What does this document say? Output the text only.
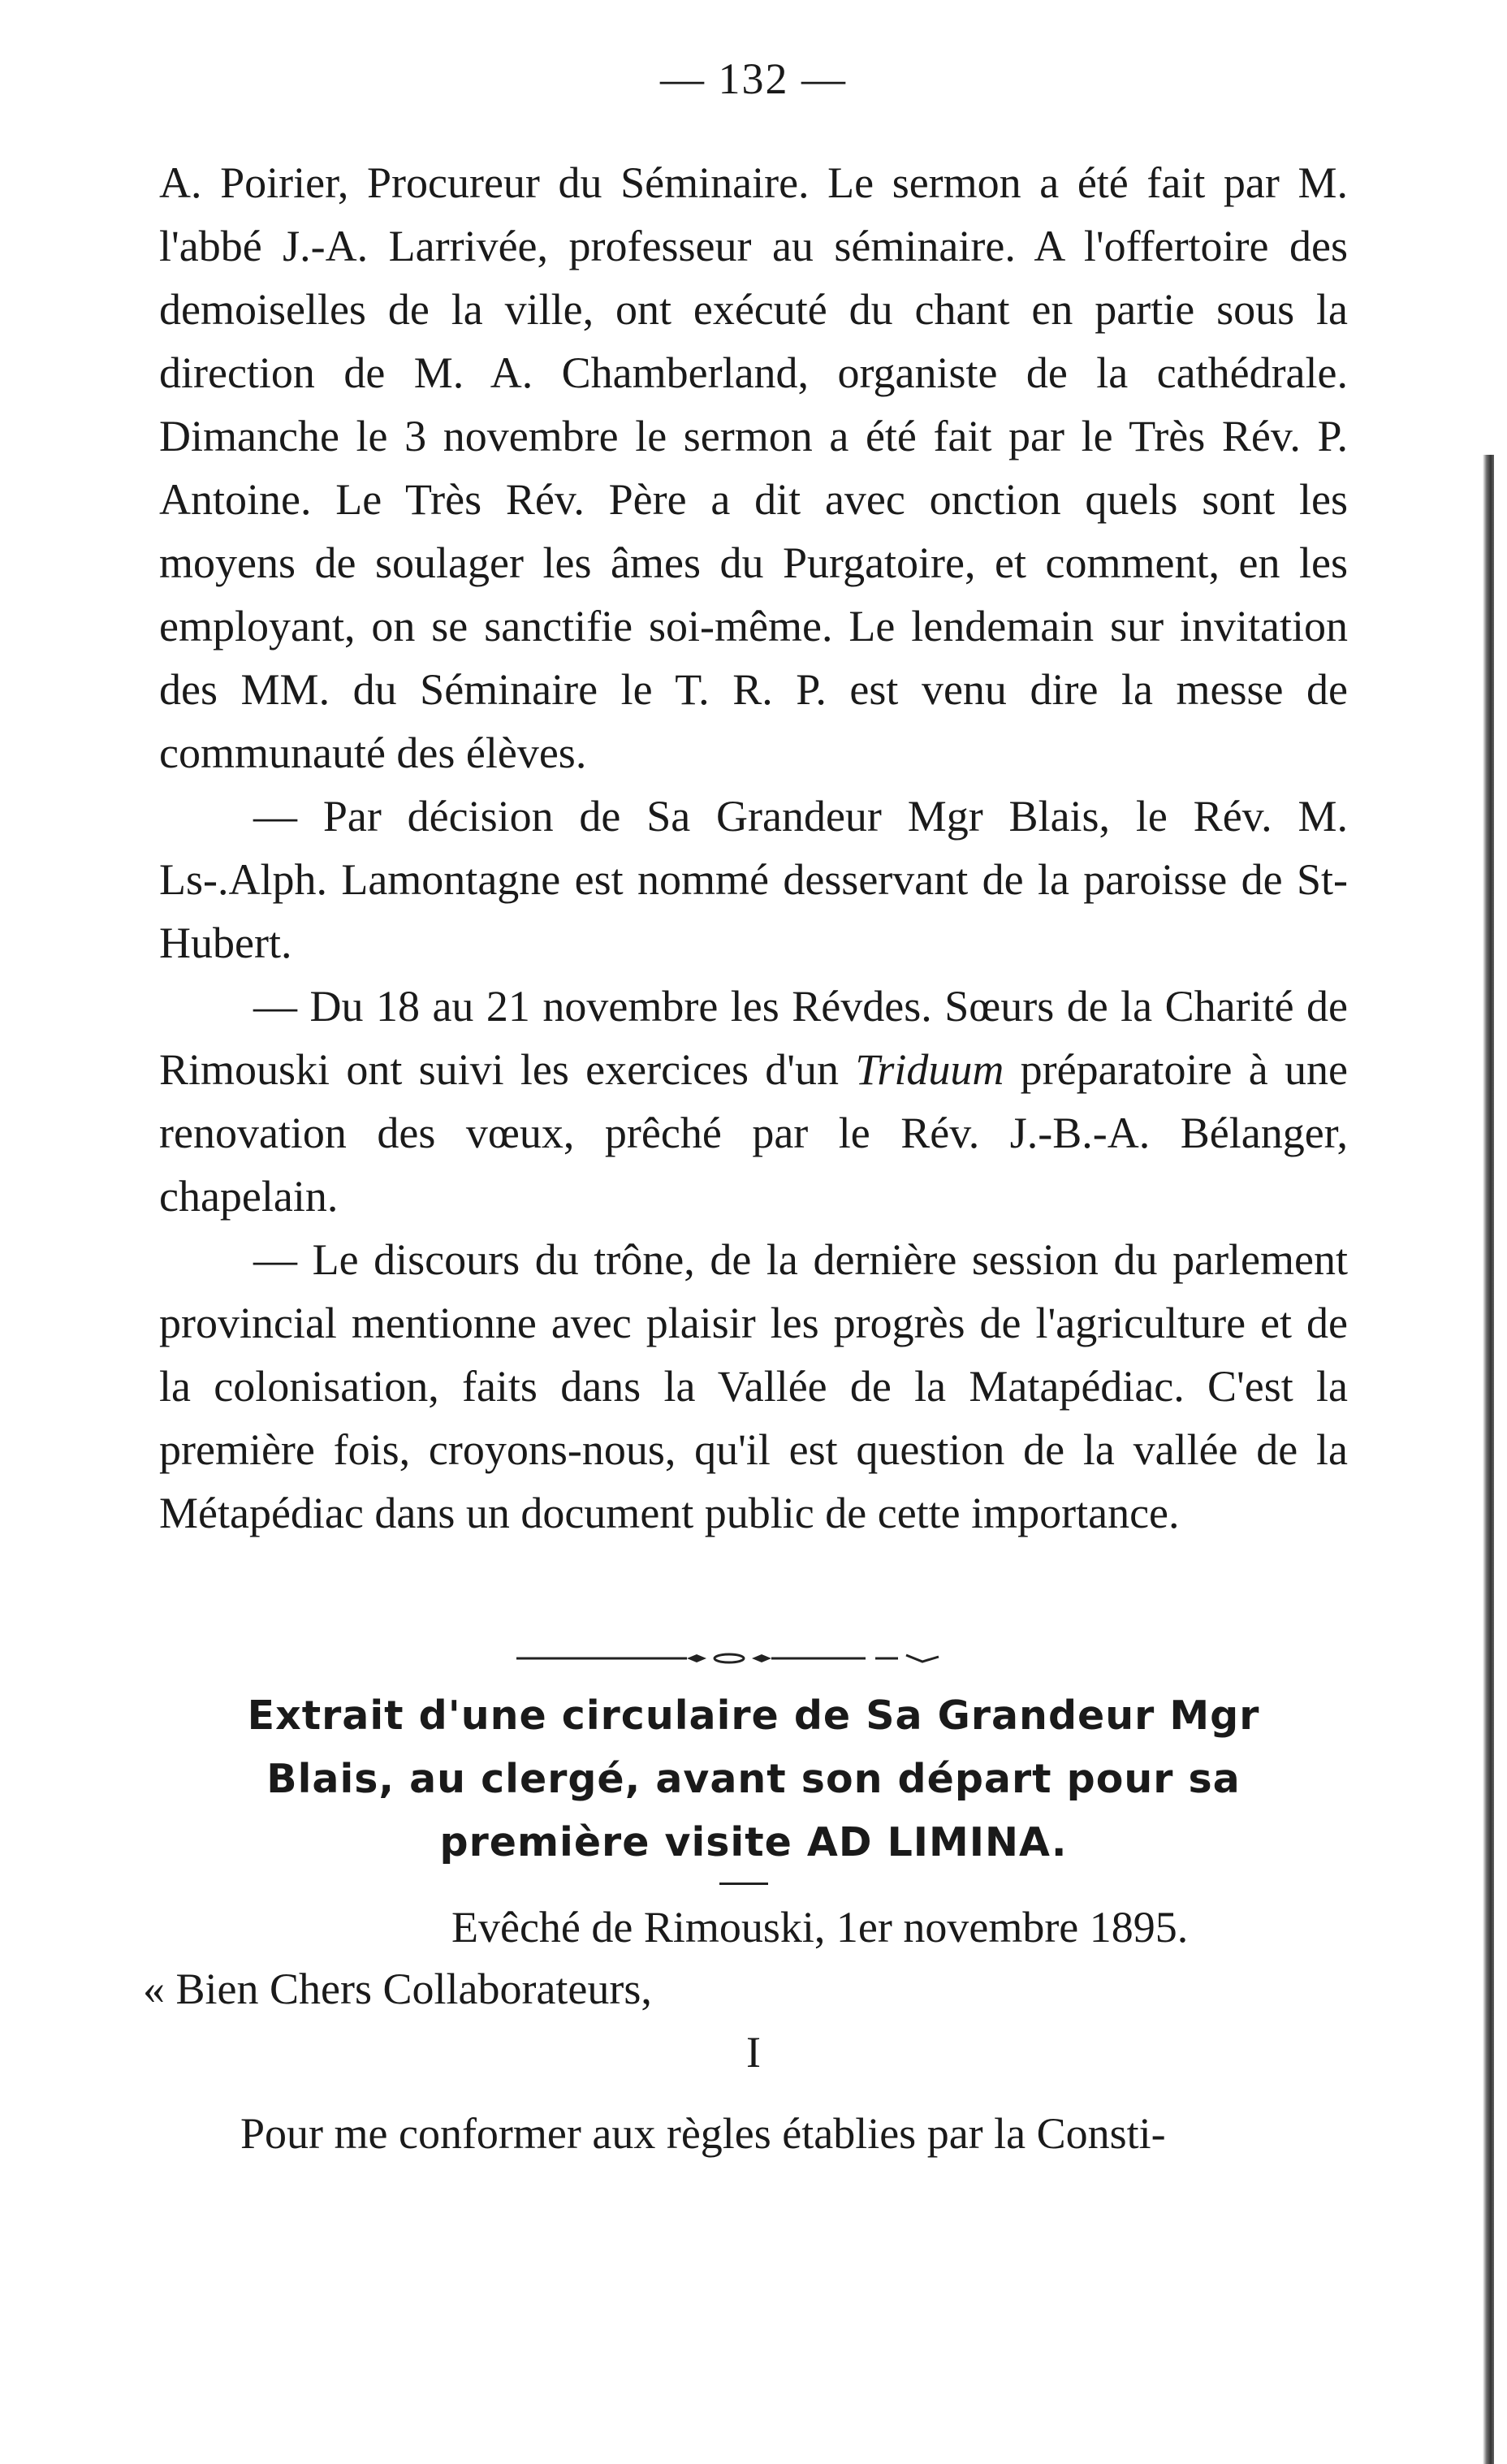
— 132 —

A. Poirier, Procureur du Séminaire. Le sermon a été fait par M. l'abbé J.-A. Larrivée, professeur au séminaire. A l'offertoire des demoiselles de la ville, ont exécuté du chant en partie sous la direction de M. A. Chamberland, organiste de la cathédrale. Dimanche le 3 novembre le sermon a été fait par le Très Rév. P. Antoine. Le Très Rév. Père a dit avec onction quels sont les moyens de soulager les âmes du Purgatoire, et comment, en les employant, on se sanctifie soi-même. Le lendemain sur invitation des MM. du Séminaire le T. R. P. est venu dire la messe de communauté des élèves.

— Par décision de Sa Grandeur Mgr Blais, le Rév. M. Ls-.Alph. Lamontagne est nommé desservant de la paroisse de St-Hubert.

— Du 18 au 21 novembre les Révdes. Sœurs de la Charité de Rimouski ont suivi les exercices d'un Triduum préparatoire à une renovation des vœux, prêché par le Rév. J.-B.-A. Bélanger, chapelain.

— Le discours du trône, de la dernière session du parlement provincial mentionne avec plaisir les progrès de l'agriculture et de la colonisation, faits dans la Vallée de la Matapédiac. C'est la première fois, croyons-nous, qu'il est question de la vallée de la Métapédiac dans un document public de cette importance.

Extrait d'une circulaire de Sa Grandeur Mgr
Blais, au clergé, avant son départ pour sa
première visite AD LIMINA.
Evêché de Rimouski, 1er novembre 1895.
« Bien Chers Collaborateurs,
I
Pour me conformer aux règles établies par la Consti-
